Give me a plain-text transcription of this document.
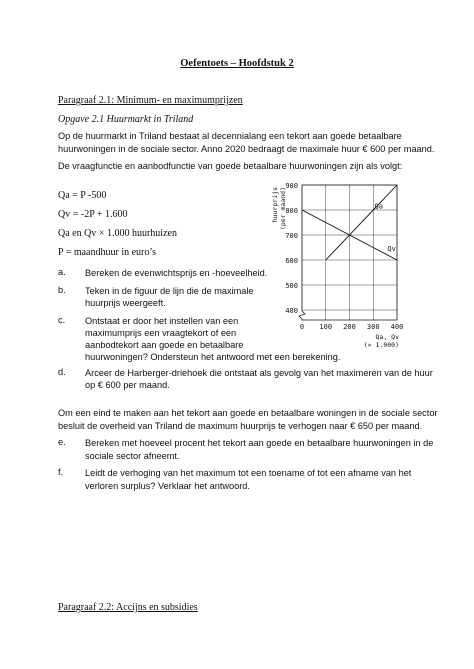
Oefentoets – Hoofdstuk 2
Paragraaf 2.1: Minimum- en maximumprijzen
Opgave 2.1 Huurmarkt in Triland
Op de huurmarkt in Triland bestaat al decennialang een tekort aan goede betaalbare
huurwoningen in de sociale sector. Anno 2020 bedraagt de maximale huur € 600 per maand.
De vraagfunctie en aanbodfunctie van goede betaalbare huurwoningen zijn als volgt:
Qa = P -500
Qv = -2P + 1.600
Qa en Qv × 1.000 huurhuizen
P = maandhuur in euro’s
a. Bereken de evenwichtsprijs en -hoeveelheid.
b. Teken in de figuur de lijn die de maximale
huurprijs weergeeft.
c. Ontstaat er door het instellen van een
maximumprijs een vraagtekort of een
aanbodtekort aan goede en betaalbare
huurwoningen? Ondersteun het antwoord met een berekening.
d. Arceer de Harberger-driehoek die ontstaat als gevolg van het maximeren van de huur
op € 600 per maand.
Om een eind te maken aan het tekort aan goede en betaalbare woningen in de sociale sector
besluit de overheid van Triland de maximum huurprijs te verhogen naar € 650 per maand.
e. Bereken met hoeveel procent het tekort aan goede en betaalbare huurwoningen in de
sociale sector afneemt.
f. Leidt de verhoging van het maximum tot een toename of tot een afname van het
verloren surplus? Verklaar het antwoord.
Paragraaf 2.2: Accijns en subsidies
400
500
600
700
800
900
0 100 200 300 400
huurprijs (per maand)
Qa, Qv
(× 1.000)
Qa
Qv
